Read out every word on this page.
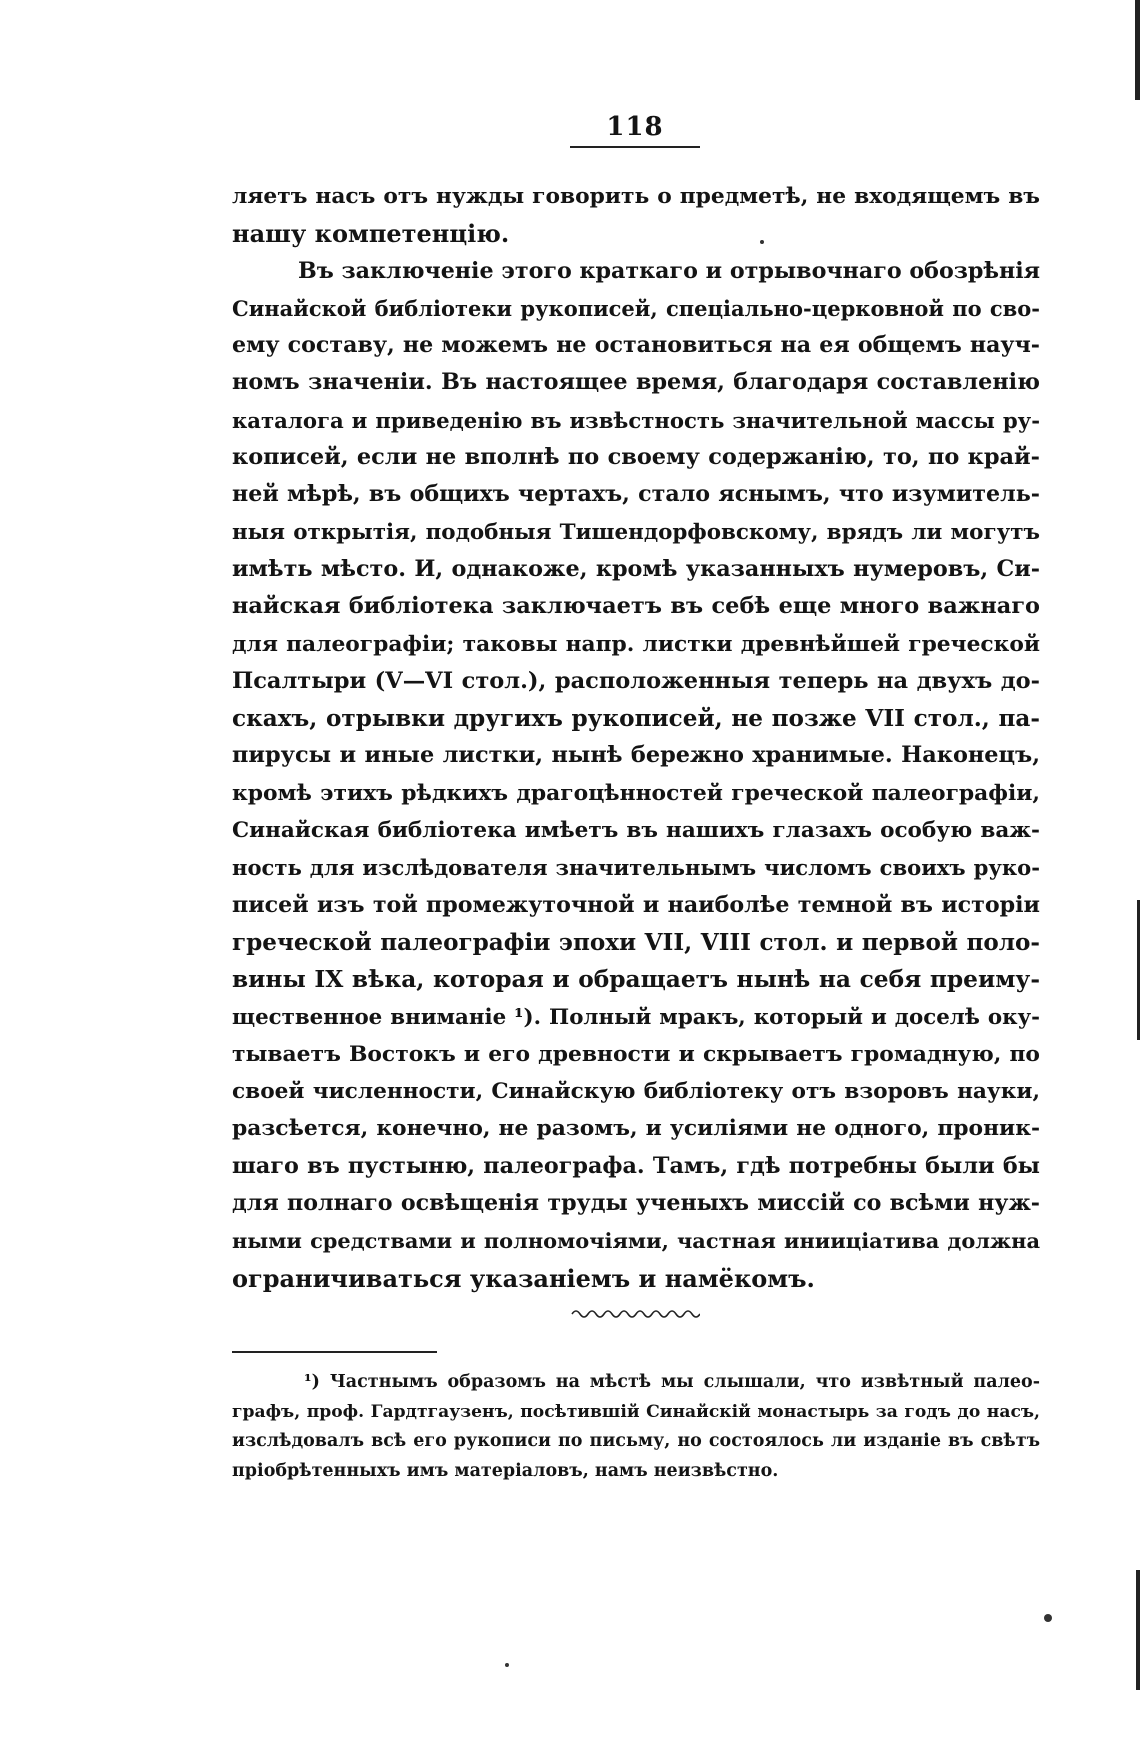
118
ляетъ насъ отъ нужды говорить о предметѣ, не входящемъ въ
нашу компетенцію.
Въ заключеніе этого краткаго и отрывочнаго обозрѣнія
Синайской библіотеки рукописей, спеціально-церковной по сво-
ему составу, не можемъ не остановиться на ея общемъ науч-
номъ значеніи. Въ настоящее время, благодаря составленію
каталога и приведенію въ извѣстность значительной массы ру-
кописей, если не вполнѣ по своему содержанію, то, по край-
ней мѣрѣ, въ общихъ чертахъ, стало яснымъ, что изумитель-
ныя открытія, подобныя Тишендорфовскому, врядъ ли могутъ
имѣть мѣсто. И, однакоже, кромѣ указанныхъ нумеровъ, Си-
найская библіотека заключаетъ въ себѣ еще много важнаго
для палеографіи; таковы напр. листки древнѣйшей греческой
Псалтыри (V—VI стол.), расположенныя теперь на двухъ до-
скахъ, отрывки другихъ рукописей, не позже VII стол., па-
пирусы и иные листки, нынѣ бережно хранимые. Наконецъ,
кромѣ этихъ рѣдкихъ драгоцѣнностей греческой палеографіи,
Синайская библіотека имѣетъ въ нашихъ глазахъ особую важ-
ность для изслѣдователя значительнымъ числомъ своихъ руко-
писей изъ той промежуточной и наиболѣе темной въ исторіи
греческой палеографіи эпохи VII, VIII стол. и первой поло-
вины IX вѣка, которая и обращаетъ нынѣ на себя преиму-
щественное вниманіе ¹). Полный мракъ, который и доселѣ оку-
тываетъ Востокъ и его древности и скрываетъ громадную, по
своей численности, Синайскую библіотеку отъ взоровъ науки,
разсѣется, конечно, не разомъ, и усиліями не одного, проник-
шаго въ пустыню, палеографа. Тамъ, гдѣ потребны были бы
для полнаго освѣщенія труды ученыхъ миссій со всѣми нуж-
ными средствами и полномочіями, частная инииціатива должна
ограничиваться указаніемъ и намёкомъ.
¹) Частнымъ образомъ на мѣстѣ мы слышали, что извѣтный палео-
графъ, проф. Гардтгаузенъ, посѣтившій Синайскій монастырь за годъ до насъ,
изслѣдовалъ всѣ его рукописи по письму, но состоялось ли изданіе въ свѣтъ
пріобрѣтенныхъ имъ матеріаловъ, намъ неизвѣстно.
